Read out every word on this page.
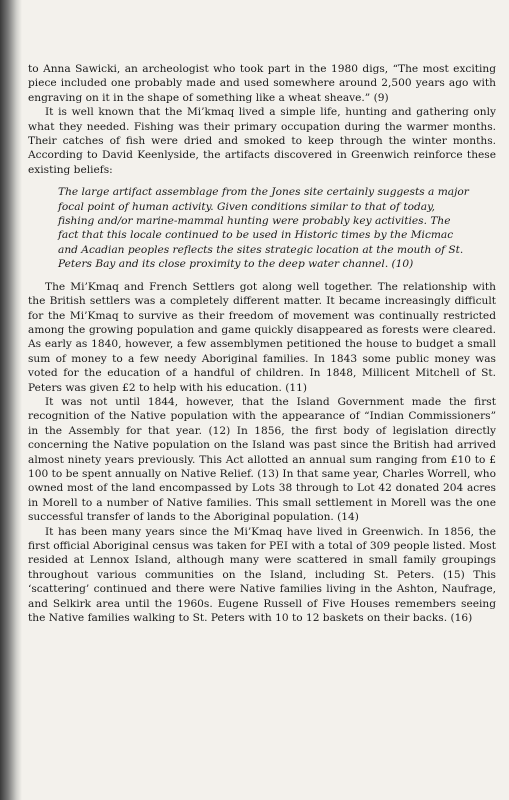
to Anna Sawicki, an archeologist who took part in the 1980 digs, “The most exciting piece included one probably made and used somewhere around 2,500 years ago with engraving on it in the shape of something like a wheat sheave.” (9)

It is well known that the Mi’kmaq lived a simple life, hunting and gathering only what they needed. Fishing was their primary occupation during the warmer months. Their catches of fish were dried and smoked to keep through the winter months. According to David Keenlyside, the artifacts discovered in Greenwich reinforce these existing beliefs:

The large artifact assemblage from the Jones site certainly suggests a major focal point of human activity. Given conditions similar to that of today, fishing and/or marine-mammal hunting were probably key activities. The fact that this locale continued to be used in Historic times by the Micmac and Acadian peoples reflects the sites strategic location at the mouth of St. Peters Bay and its close proximity to the deep water channel. (10)

The Mi’Kmaq and French Settlers got along well together. The relationship with the British settlers was a completely different matter. It became increasingly difficult for the Mi’Kmaq to survive as their freedom of movement was continually restricted among the growing population and game quickly disappeared as forests were cleared. As early as 1840, however, a few assemblymen petitioned the house to budget a small sum of money to a few needy Aboriginal families. In 1843 some public money was voted for the education of a handful of children. In 1848, Millicent Mitchell of St. Peters was given £2 to help with his education. (11)

It was not until 1844, however, that the Island Government made the first recognition of the Native population with the appearance of “Indian Commissioners” in the Assembly for that year. (12) In 1856, the first body of legislation directly concerning the Native population on the Island was past since the British had arrived almost ninety years previously. This Act allotted an annual sum ranging from £10 to £ 100 to be spent annually on Native Relief. (13) In that same year, Charles Worrell, who owned most of the land encompassed by Lots 38 through to Lot 42 donated 204 acres in Morell to a number of Native families. This small settlement in Morell was the one successful transfer of lands to the Aboriginal population. (14)

It has been many years since the Mi’Kmaq have lived in Greenwich. In 1856, the first official Aboriginal census was taken for PEI with a total of 309 people listed. Most resided at Lennox Island, although many were scattered in small family groupings throughout various communities on the Island, including St. Peters. (15) This ‘scattering’ continued and there were Native families living in the Ashton, Naufrage, and Selkirk area until the 1960s. Eugene Russell of Five Houses remembers seeing the Native families walking to St. Peters with 10 to 12 baskets on their backs. (16)
